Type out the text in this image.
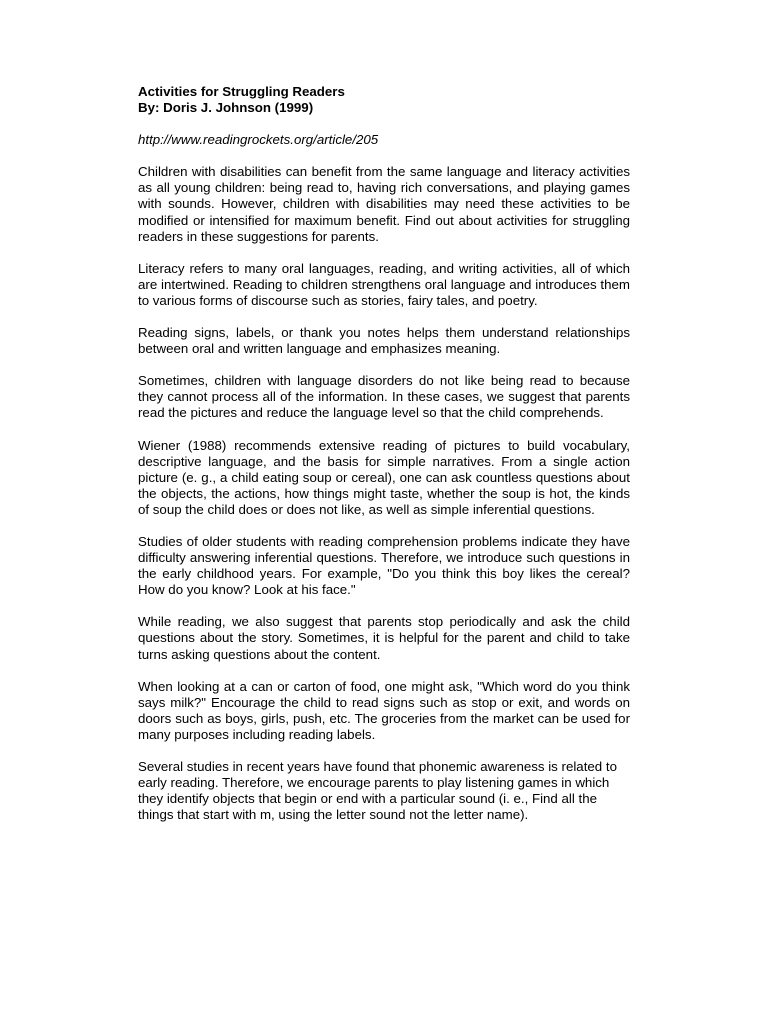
Activities for Struggling Readers
By: Doris J. Johnson (1999)
http://www.readingrockets.org/article/205

Children with disabilities can benefit from the same language and literacy activities as all young children: being read to, having rich conversations, and playing games with sounds. However, children with disabilities may need these activities to be modified or intensified for maximum benefit. Find out about activities for struggling readers in these suggestions for parents.

Literacy refers to many oral languages, reading, and writing activities, all of which are intertwined. Reading to children strengthens oral language and introduces them to various forms of discourse such as stories, fairy tales, and poetry.

Reading signs, labels, or thank you notes helps them understand relationships between oral and written language and emphasizes meaning.

Sometimes, children with language disorders do not like being read to because they cannot process all of the information. In these cases, we suggest that parents read the pictures and reduce the language level so that the child comprehends.

Wiener (1988) recommends extensive reading of pictures to build vocabulary, descriptive language, and the basis for simple narratives. From a single action picture (e. g., a child eating soup or cereal), one can ask countless questions about the objects, the actions, how things might taste, whether the soup is hot, the kinds of soup the child does or does not like, as well as simple inferential questions.

Studies of older students with reading comprehension problems indicate they have difficulty answering inferential questions. Therefore, we introduce such questions in the early childhood years. For example, "Do you think this boy likes the cereal? How do you know? Look at his face."

While reading, we also suggest that parents stop periodically and ask the child questions about the story. Sometimes, it is helpful for the parent and child to take turns asking questions about the content.

When looking at a can or carton of food, one might ask, "Which word do you think says milk?" Encourage the child to read signs such as stop or exit, and words on doors such as boys, girls, push, etc. The groceries from the market can be used for many purposes including reading labels.

Several studies in recent years have found that phonemic awareness is related to early reading. Therefore, we encourage parents to play listening games in which they identify objects that begin or end with a particular sound (i. e., Find all the things that start with m, using the letter sound not the letter name).
